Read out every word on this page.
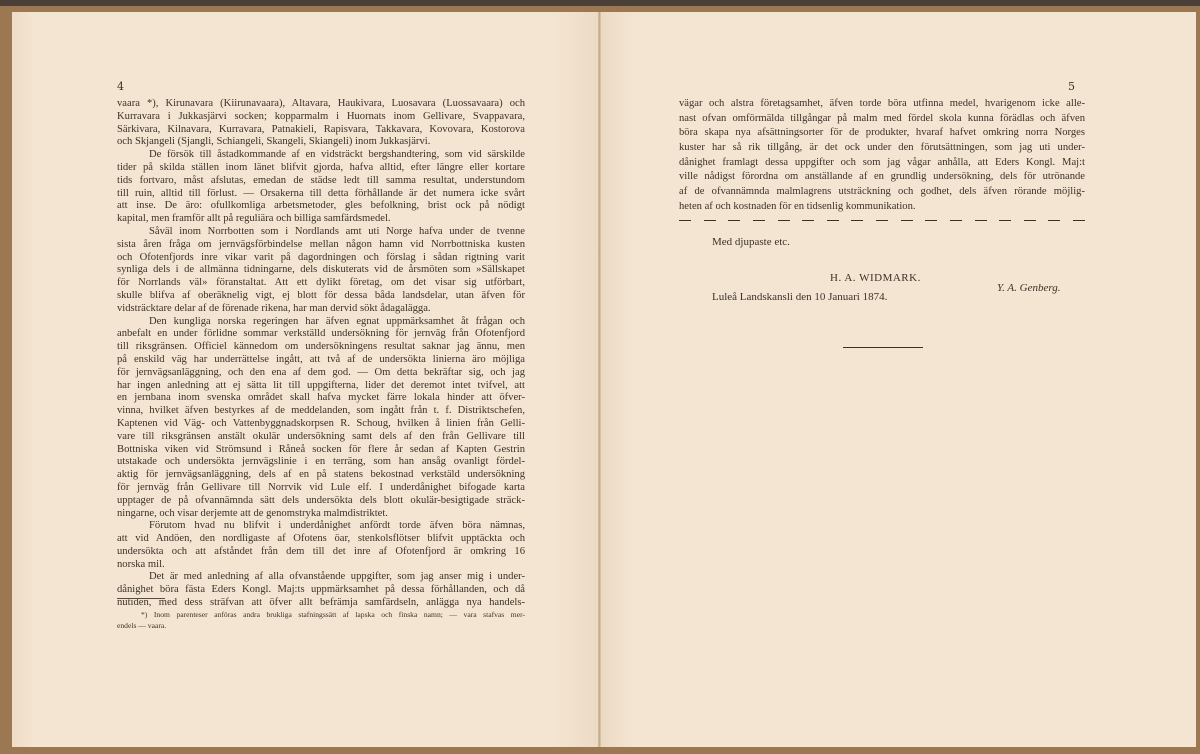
4	5
vaara *), Kirunavara (Kiirunavaara), Altavara, Haukivara, Luosavara (Luossavaara) och
Kurravara i Jukkasjärvi socken; kopparmalm i Huornats inom Gellivare, Svappavara,
Särkivara, Kilnavara, Kurravara, Patnakieli, Rapisvara, Takkavara, Kovovara, Kostorova
och Skjangeli (Sjangli, Schiangeli, Skangeli, Skiangeli) inom Jukkasjärvi.
De försök till åstadkommande af en vidsträckt bergshandtering, som vid särskilde
tider på skilda ställen inom länet blifvit gjorda, hafva alltid, efter längre eller kortare
tids fortvaro, måst afslutas, emedan de städse ledt till samma resultat, understundom
till ruin, alltid till förlust. — Orsakerna till detta förhållande är det numera icke svårt
att inse. De äro: ofullkomliga arbetsmetoder, gles befolkning, brist ock på nödigt
kapital, men framför allt på reguliära och billiga samfärdsmedel.
Såväl inom Norrbotten som i Nordlands amt uti Norge hafva under de tvenne
sista åren fråga om jernvägsförbindelse mellan någon hamn vid Norrbottniska kusten
och Ofotenfjords inre vikar varit på dagordningen och förslag i sådan rigtning varit
synliga dels i de allmänna tidningarne, dels diskuterats vid de årsmöten som »Sällskapet
för Norrlands väl» föranstaltat. Att ett dylikt företag, om det visar sig utförbart,
skulle blifva af oberäknelig vigt, ej blott för dessa båda landsdelar, utan äfven för
vidsträcktare delar af de förenade rikena, har man dervid sökt ådagalägga.
Den kungliga norska regeringen har äfven egnat uppmärksamhet åt frågan och
anbefalt en under förlidne sommar verkställd undersökning för jernväg från Ofotenfjord
till riksgränsen. Officiel kännedom om undersökningens resultat saknar jag ännu, men
på enskild väg har underrättelse ingått, att två af de undersökta linierna äro möjliga
för jernvägsanläggning, och den ena af dem god. — Om detta bekräftar sig, och jag
har ingen anledning att ej sätta lit till uppgifterna, lider det deremot intet tvifvel, att
en jernbana inom svenska området skall hafva mycket färre lokala hinder att öfver-
vinna, hvilket äfven bestyrkes af de meddelanden, som ingått från t. f. Distriktschefen,
Kaptenen vid Väg- och Vattenbyggnadskorpsen R. Schoug, hvilken å linien från Gelli-
vare till riksgränsen anstält okulär undersökning samt dels af den från Gellivare till
Bottniska viken vid Strömsund i Råneå socken för flere år sedan af Kapten Gestrin
utstakade och undersökta jernvägslinie i en terräng, som han ansåg ovanligt fördel-
aktig för jernvägsanläggning, dels af en på statens bekostnad verkstäld undersökning
för jernväg från Gellivare till Norrvik vid Lule elf. I underdånighet bifogade karta
upptager de på ofvannämnda sätt dels undersökta dels blott okulär-besigtigade sträck-
ningarne, och visar derjemte att de genomstryka malmdistriktet.
Förutom hvad nu blifvit i underdånighet anfördt torde äfven böra nämnas,
att vid Andöen, den nordligaste af Ofotens öar, stenkolsflötser blifvit upptäckta och
undersökta och att afståndet från dem till det inre af Ofotenfjord är omkring 16
norska mil.
Det är med anledning af alla ofvanstående uppgifter, som jag anser mig i under-
dånighet böra fästa Eders Kongl. Maj:ts uppmärksamhet på dessa förhållanden, och då
nutiden, med dess sträfvan att öfver allt befrämja samfärdseln, anlägga nya handels-
*) Inom parenteser anföras andra brukliga stafningssätt af lapska och finska namn; — vara stafvas mer-
endels — vaara.
vägar och alstra företagsamhet, äfven torde böra utfinna medel, hvarigenom icke alle-
nast ofvan omförmälda tillgångar på malm med fördel skola kunna förädlas och äfven
böra skapa nya afsättningsorter för de produkter, hvaraf hafvet omkring norra Norges
kuster har så rik tillgång, är det ock under den förutsättningen, som jag uti under-
dånighet framlagt dessa uppgifter och som jag vågar anhålla, att Eders Kongl. Maj:t
ville nådigst förordna om anställande af en grundlig undersökning, dels för utrönande
af de ofvannämnda malmlagrens utsträckning och godhet, dels äfven rörande möjlig-
heten af och kostnaden för en tidsenlig kommunikation.
Med djupaste etc.
H. A. WIDMARK.
Y. A. Genberg.
Luleå Landskansli den 10 Januari 1874.
